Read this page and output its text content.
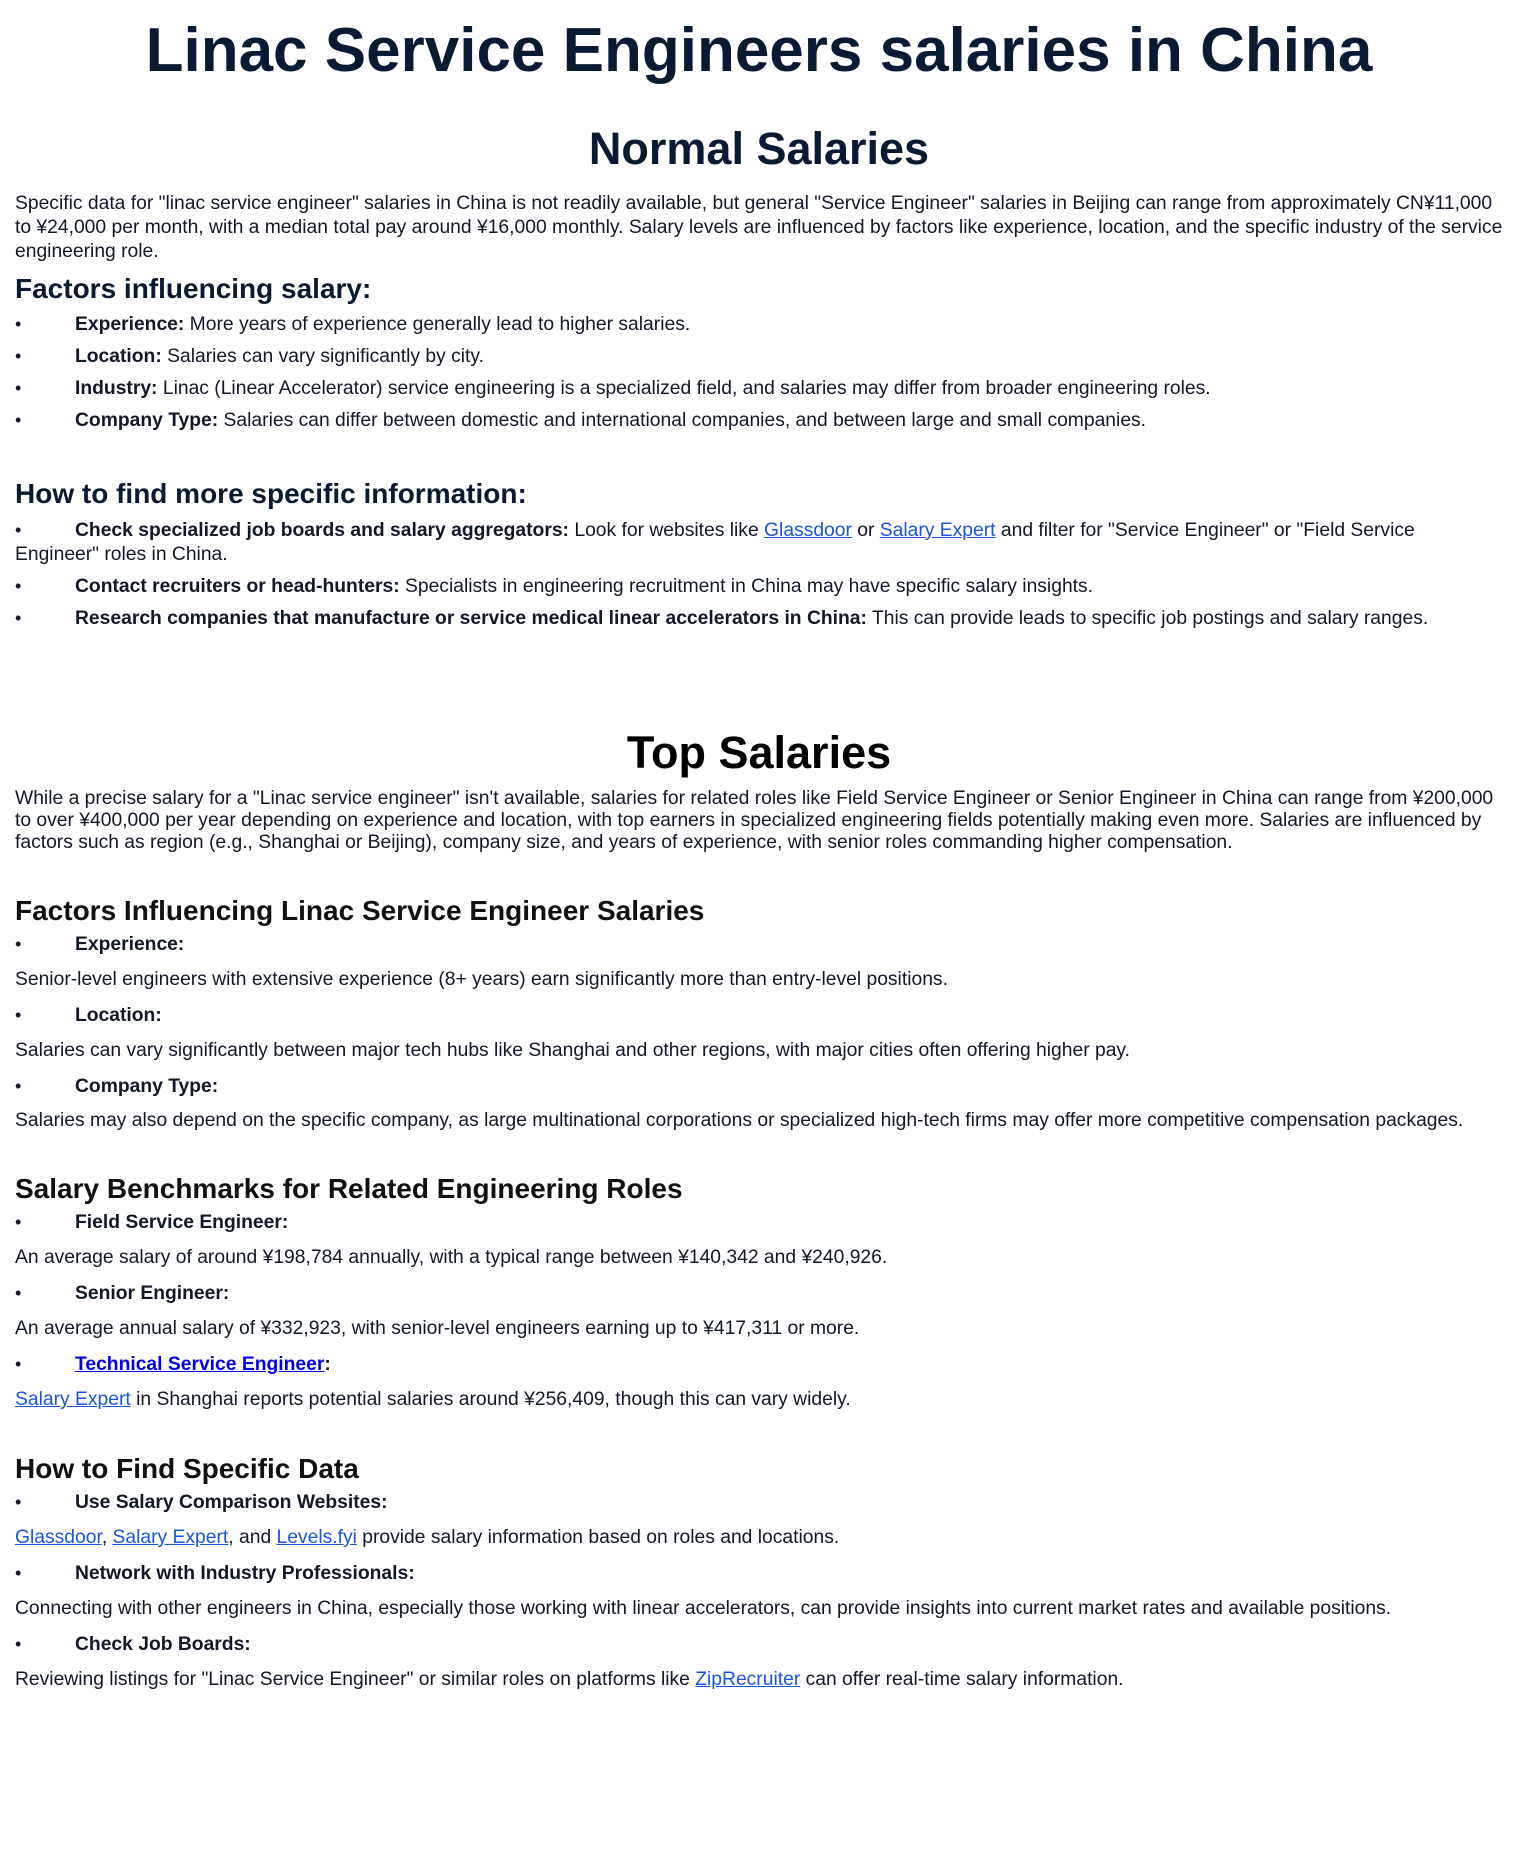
Linac Service Engineers salaries in China
Normal Salaries

Specific data for "linac service engineer" salaries in China is not readily available, but general "Service Engineer" salaries in Beijing can range from approximately CN¥11,000 to ¥24,000 per month, with a median total pay around ¥16,000 monthly. Salary levels are influenced by factors like experience, location, and the specific industry of the service engineering role.

Factors influencing salary:
•	Experience: More years of experience generally lead to higher salaries.
•	Location: Salaries can vary significantly by city.
•	Industry: Linac (Linear Accelerator) service engineering is a specialized field, and salaries may differ from broader engineering roles.
•	Company Type: Salaries can differ between domestic and international companies, and between large and small companies.
How to find more specific information:
•	Check specialized job boards and salary aggregators: Look for websites like Glassdoor or Salary Expert and filter for "Service Engineer" or "Field Service Engineer" roles in China.
•	Contact recruiters or head-hunters: Specialists in engineering recruitment in China may have specific salary insights.
•	Research companies that manufacture or service medical linear accelerators in China: This can provide leads to specific job postings and salary ranges.
Top Salaries

While a precise salary for a "Linac service engineer" isn't available, salaries for related roles like Field Service Engineer or Senior Engineer in China can range from ¥200,000 to over ¥400,000 per year depending on experience and location, with top earners in specialized engineering fields potentially making even more. Salaries are influenced by factors such as region (e.g., Shanghai or Beijing), company size, and years of experience, with senior roles commanding higher compensation.

Factors Influencing Linac Service Engineer Salaries
•	Experience:

Senior-level engineers with extensive experience (8+ years) earn significantly more than entry-level positions.

•	Location:

Salaries can vary significantly between major tech hubs like Shanghai and other regions, with major cities often offering higher pay.

•	Company Type:

Salaries may also depend on the specific company, as large multinational corporations or specialized high-tech firms may offer more competitive compensation packages.

Salary Benchmarks for Related Engineering Roles
•	Field Service Engineer:

An average salary of around ¥198,784 annually, with a typical range between ¥140,342 and ¥240,926.

•	Senior Engineer:

An average annual salary of ¥332,923, with senior-level engineers earning up to ¥417,311 or more.

•	Technical Service Engineer:

Salary Expert in Shanghai reports potential salaries around ¥256,409, though this can vary widely.

How to Find Specific Data
•	Use Salary Comparison Websites:

Glassdoor, Salary Expert, and Levels.fyi provide salary information based on roles and locations.

•	Network with Industry Professionals:

Connecting with other engineers in China, especially those working with linear accelerators, can provide insights into current market rates and available positions.

•	Check Job Boards:

Reviewing listings for "Linac Service Engineer" or similar roles on platforms like ZipRecruiter can offer real-time salary information.
